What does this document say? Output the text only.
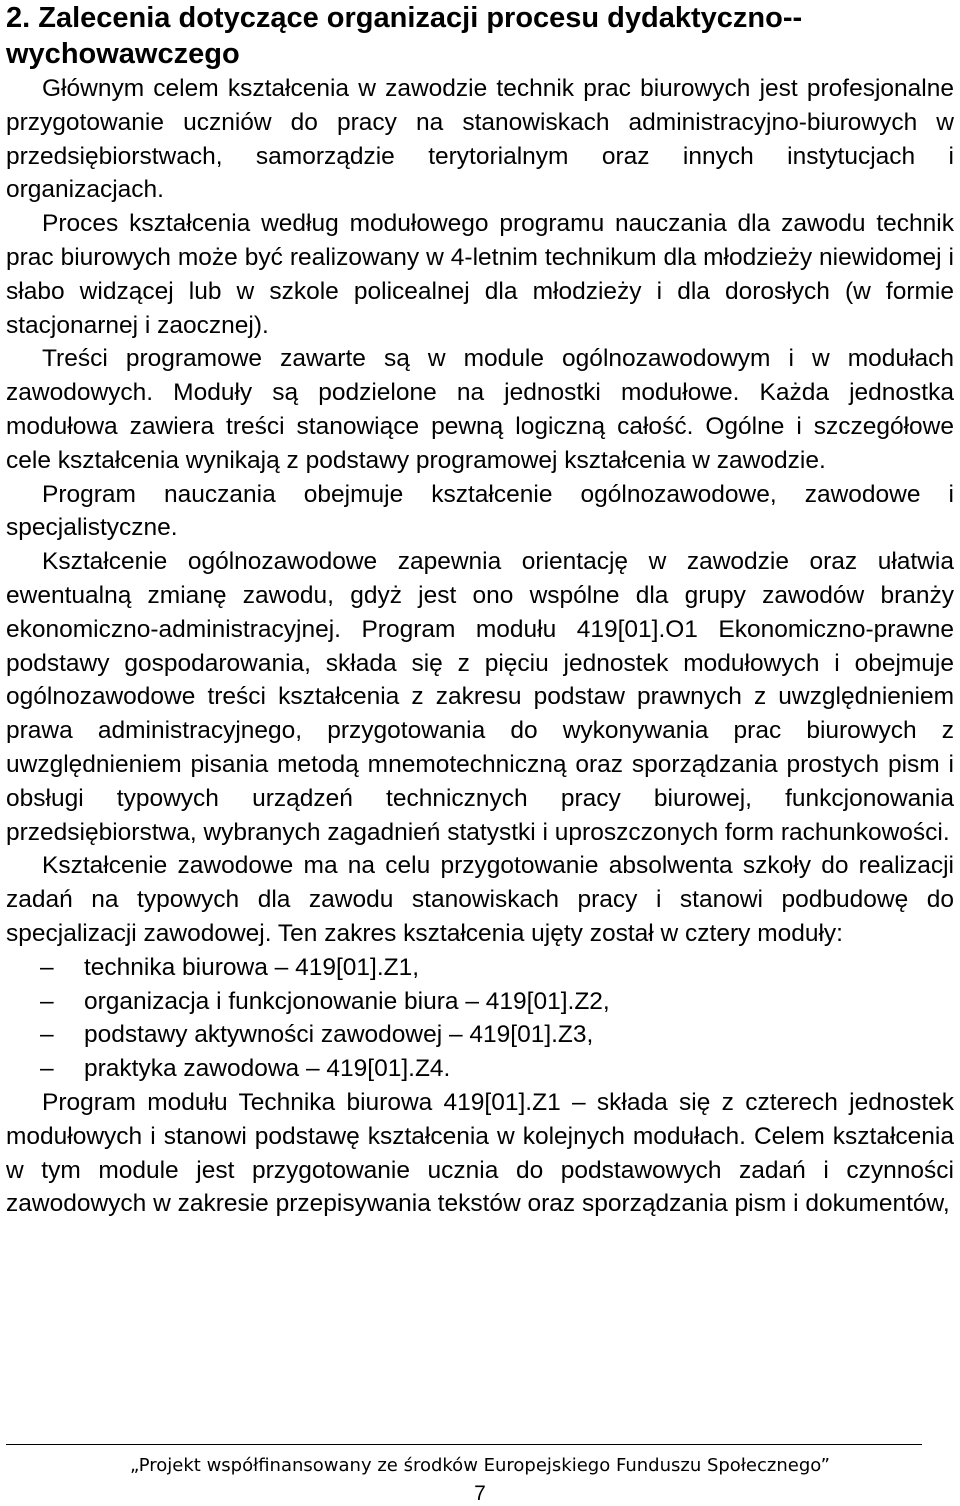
2. Zalecenia dotyczące organizacji procesu dydaktyczno--wychowawczego

Głównym celem kształcenia w zawodzie technik prac biurowych jest profesjonalne przygotowanie uczniów do pracy na stanowiskach administracyjno-biurowych w przedsiębiorstwach, samorządzie terytorialnym oraz innych instytucjach i organizacjach.

Proces kształcenia według modułowego programu nauczania dla zawodu technik prac biurowych może być realizowany w 4-letnim technikum dla młodzieży niewidomej i słabo widzącej lub w szkole policealnej dla młodzieży i dla dorosłych (w formie stacjonarnej i zaocznej).

Treści programowe zawarte są w module ogólnozawodowym i w modułach zawodowych. Moduły są podzielone na jednostki modułowe. Każda jednostka modułowa zawiera treści stanowiące pewną logiczną całość. Ogólne i szczegółowe cele kształcenia wynikają z podstawy programowej kształcenia w zawodzie.

Program nauczania obejmuje kształcenie ogólnozawodowe, zawodowe i specjalistyczne.

Kształcenie ogólnozawodowe zapewnia orientację w zawodzie oraz ułatwia ewentualną zmianę zawodu, gdyż jest ono wspólne dla grupy zawodów branży ekonomiczno-administracyjnej. Program modułu 419[01].O1 Ekonomiczno-prawne podstawy gospodarowania, składa się z pięciu jednostek modułowych i obejmuje ogólnozawodowe treści kształcenia z zakresu podstaw prawnych z uwzględnieniem prawa administracyjnego, przygotowania do wykonywania prac biurowych z uwzględnieniem pisania metodą mnemotechniczną oraz sporządzania prostych pism i obsługi typowych urządzeń technicznych pracy biurowej, funkcjonowania przedsiębiorstwa, wybranych zagadnień statystki i uproszczonych form rachunkowości.

Kształcenie zawodowe ma na celu przygotowanie absolwenta szkoły do realizacji zadań na typowych dla zawodu stanowiskach pracy i stanowi podbudowę do specjalizacji zawodowej. Ten zakres kształcenia ujęty został w cztery moduły:

–	technika biurowa – 419[01].Z1,
–	organizacja i funkcjonowanie biura – 419[01].Z2,
–	podstawy aktywności zawodowej – 419[01].Z3,
–	praktyka zawodowa – 419[01].Z4.

Program modułu Technika biurowa 419[01].Z1 – składa się z czterech jednostek modułowych i stanowi podstawę kształcenia w kolejnych modułach. Celem kształcenia w tym module jest przygotowanie ucznia do podstawowych zadań i czynności zawodowych w zakresie przepisywania tekstów oraz sporządzania pism i dokumentów,

„Projekt współfinansowany ze środków Europejskiego Funduszu Społecznego”
7
